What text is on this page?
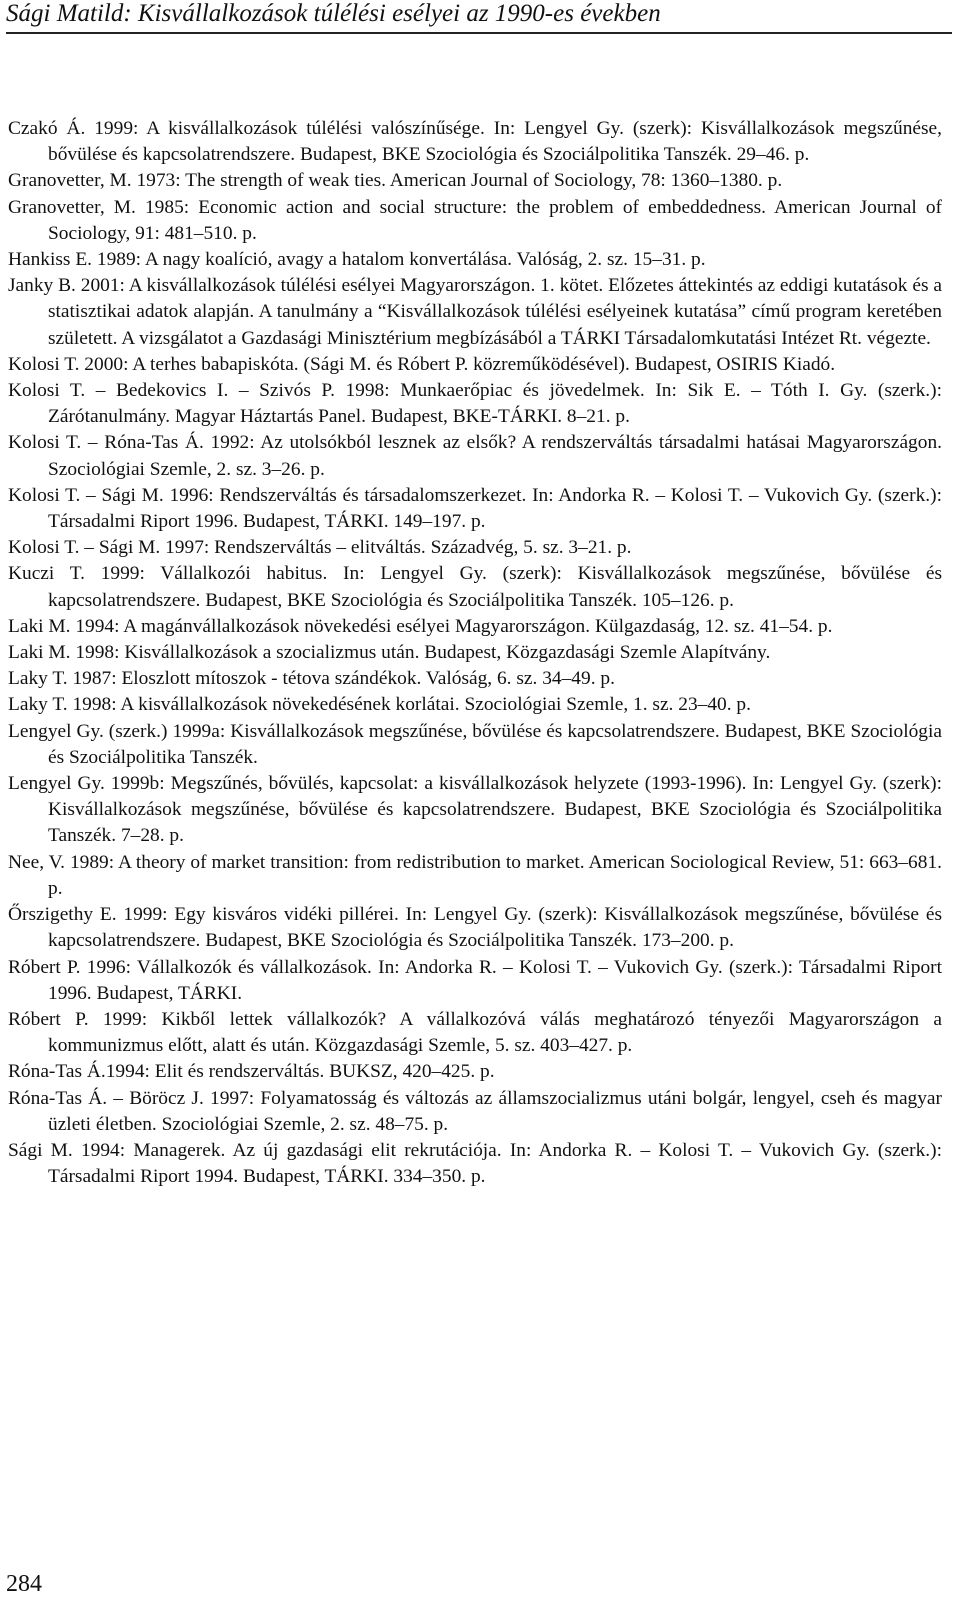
Sági Matild: Kisvállalkozások túlélési esélyei az 1990-es években
Czakó Á. 1999: A kisvállalkozások túlélési valószínűsége. In: Lengyel Gy. (szerk): Kisvállalkozások megszűnése, bővülése és kapcsolatrendszere. Budapest, BKE Szociológia és Szociálpolitika Tanszék. 29–46. p.
Granovetter, M. 1973: The strength of weak ties. American Journal of Sociology, 78: 1360–1380. p.
Granovetter, M. 1985: Economic action and social structure: the problem of embeddedness. American Journal of Sociology, 91: 481–510. p.
Hankiss E. 1989: A nagy koalíció, avagy a hatalom konvertálása. Valóság, 2. sz. 15–31. p.
Janky B. 2001: A kisvállalkozások túlélési esélyei Magyarországon. 1. kötet. Előzetes áttekintés az eddigi kutatások és a statisztikai adatok alapján. A tanulmány a “Kisvállalkozások túlélési esélyeinek kutatása” című program keretében született. A vizsgálatot a Gazdasági Minisztérium megbízásából a TÁRKI Társadalomkutatási Intézet Rt. végezte.
Kolosi T. 2000: A terhes babapiskóta. (Sági M. és Róbert P. közreműködésével). Budapest, OSIRIS Kiadó.
Kolosi T. – Bedekovics I. – Szivós P. 1998: Munkaerőpiac és jövedelmek. In: Sik E. – Tóth I. Gy. (szerk.): Zárótanulmány. Magyar Háztartás Panel. Budapest, BKE-TÁRKI. 8–21. p.
Kolosi T. – Róna-Tas Á. 1992: Az utolsókból lesznek az elsők? A rendszerváltás társadalmi hatásai Magyarországon. Szociológiai Szemle, 2. sz. 3–26. p.
Kolosi T. – Sági M. 1996: Rendszerváltás és társadalomszerkezet. In: Andorka R. – Kolosi T. – Vukovich Gy. (szerk.): Társadalmi Riport 1996. Budapest, TÁRKI. 149–197. p.
Kolosi T. – Sági M. 1997: Rendszerváltás – elitváltás. Századvég, 5. sz. 3–21. p.
Kuczi T. 1999: Vállalkozói habitus. In: Lengyel Gy. (szerk): Kisvállalkozások megszűnése, bővülése és kapcsolatrendszere. Budapest, BKE Szociológia és Szociálpolitika Tanszék. 105–126. p.
Laki M. 1994: A magánvállalkozások növekedési esélyei Magyarországon. Külgazdaság, 12. sz. 41–54. p.
Laki M. 1998: Kisvállalkozások a szocializmus után. Budapest, Közgazdasági Szemle Alapítvány.
Laky T. 1987: Eloszlott mítoszok - tétova szándékok. Valóság, 6. sz. 34–49. p.
Laky T. 1998: A kisvállalkozások növekedésének korlátai. Szociológiai Szemle, 1. sz. 23–40. p.
Lengyel Gy. (szerk.) 1999a: Kisvállalkozások megszűnése, bővülése és kapcsolatrendszere. Budapest, BKE Szociológia és Szociálpolitika Tanszék.
Lengyel Gy. 1999b: Megszűnés, bővülés, kapcsolat: a kisvállalkozások helyzete (1993-1996). In: Lengyel Gy. (szerk): Kisvállalkozások megszűnése, bővülése és kapcsolatrendszere. Budapest, BKE Szociológia és Szociálpolitika Tanszék. 7–28. p.
Nee, V. 1989: A theory of market transition: from redistribution to market. American Sociological Review, 51: 663–681. p.
Őrszigethy E. 1999: Egy kisváros vidéki pillérei. In: Lengyel Gy. (szerk): Kisvállalkozások megszűnése, bővülése és kapcsolatrendszere. Budapest, BKE Szociológia és Szociálpolitika Tanszék. 173–200. p.
Róbert P. 1996: Vállalkozók és vállalkozások. In: Andorka R. – Kolosi T. – Vukovich Gy. (szerk.): Társadalmi Riport 1996. Budapest, TÁRKI.
Róbert P. 1999: Kikből lettek vállalkozók? A vállalkozóvá válás meghatározó tényezői Magyarországon a kommunizmus előtt, alatt és után. Közgazdasági Szemle, 5. sz. 403–427. p.
Róna-Tas Á.1994: Elit és rendszerváltás. BUKSZ, 420–425. p.
Róna-Tas Á. – Böröcz J. 1997: Folyamatosság és változás az államszocializmus utáni bolgár, lengyel, cseh és magyar üzleti életben. Szociológiai Szemle, 2. sz. 48–75. p.
Sági M. 1994: Managerek. Az új gazdasági elit rekrutációja. In: Andorka R. – Kolosi T. – Vukovich Gy. (szerk.): Társadalmi Riport 1994. Budapest, TÁRKI. 334–350. p.
284
